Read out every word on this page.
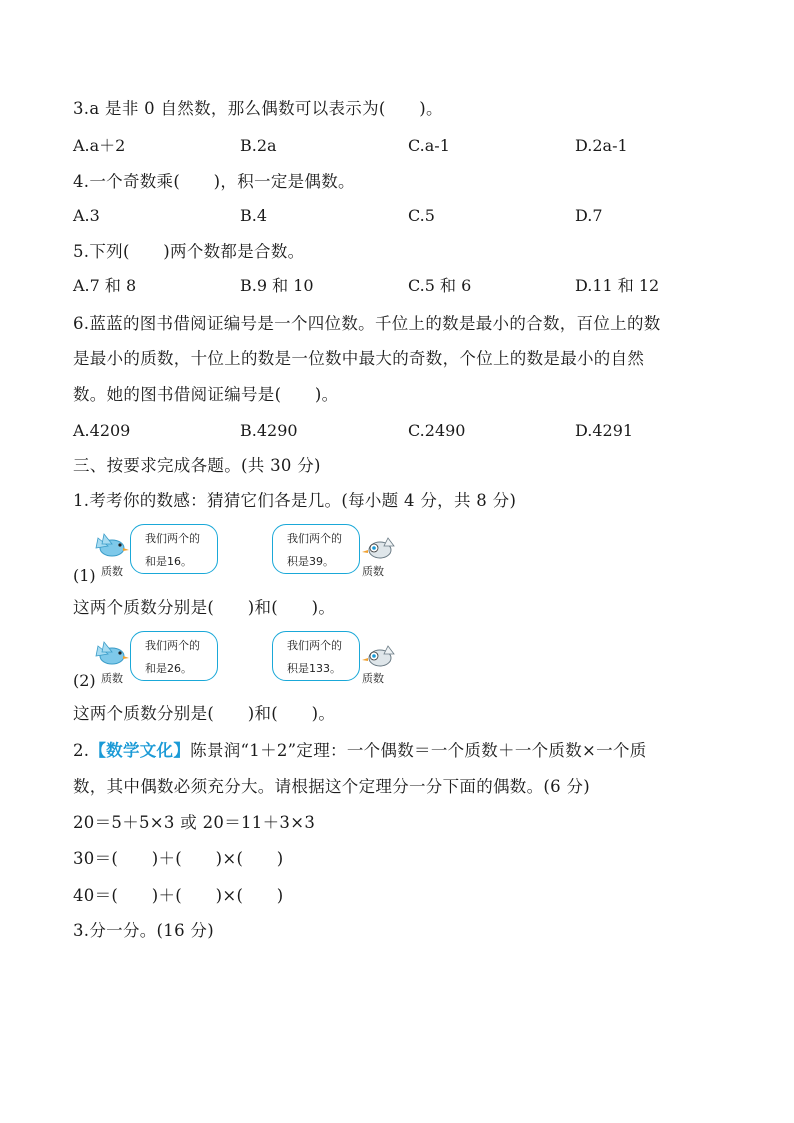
3.a 是非 0 自然数，那么偶数可以表示为(　　)。
A.a＋2	B.2a	C.a-1	D.2a-1
4.一个奇数乘(　　)，积一定是偶数。
A.3	B.4	C.5	D.7
5.下列(　　)两个数都是合数。
A.7 和 8	B.9 和 10	C.5 和 6	D.11 和 12
6.蓝蓝的图书借阅证编号是一个四位数。千位上的数是最小的合数，百位上的数
是最小的质数，十位上的数是一位数中最大的奇数，个位上的数是最小的自然
数。她的图书借阅证编号是(　　)。
A.4209	B.4290	C.2490	D.4291
三、按要求完成各题。(共 30 分)
1.考考你的数感：猜猜它们各是几。(每小题 4 分，共 8 分)
(1) 质数
我们两个的
和是16。
我们两个的
积是39。
质数
这两个质数分别是(　　)和(　　)。
(2) 质数
我们两个的
和是26。
我们两个的
积是133。
质数
这两个质数分别是(　　)和(　　)。
2.【数学文化】陈景润“1＋2”定理：一个偶数＝一个质数＋一个质数×一个质
数，其中偶数必须充分大。请根据这个定理分一分下面的偶数。(6 分)
20＝5＋5×3 或 20＝11＋3×3
30＝(　　)＋(　　)×(　　)
40＝(　　)＋(　　)×(　　)
3.分一分。(16 分)
